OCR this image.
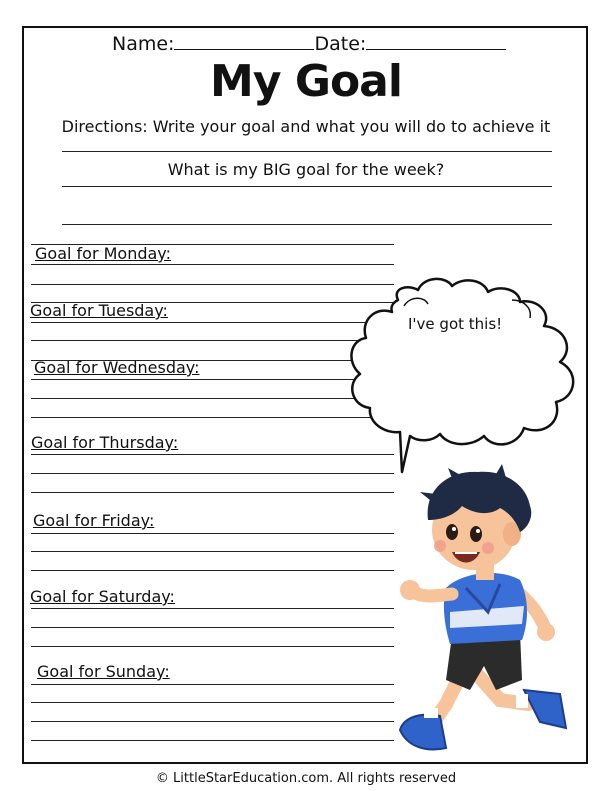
Name:	Date:
My Goal
Directions: Write your goal and what you will do to achieve it
What is my BIG goal for the week?
Goal for Monday:
Goal for Tuesday:
Goal for Wednesday:
Goal for Thursday:
Goal for Friday:
Goal for Saturday:
Goal for Sunday:
I've got this!
© LittleStarEducation.com. All rights reserved
